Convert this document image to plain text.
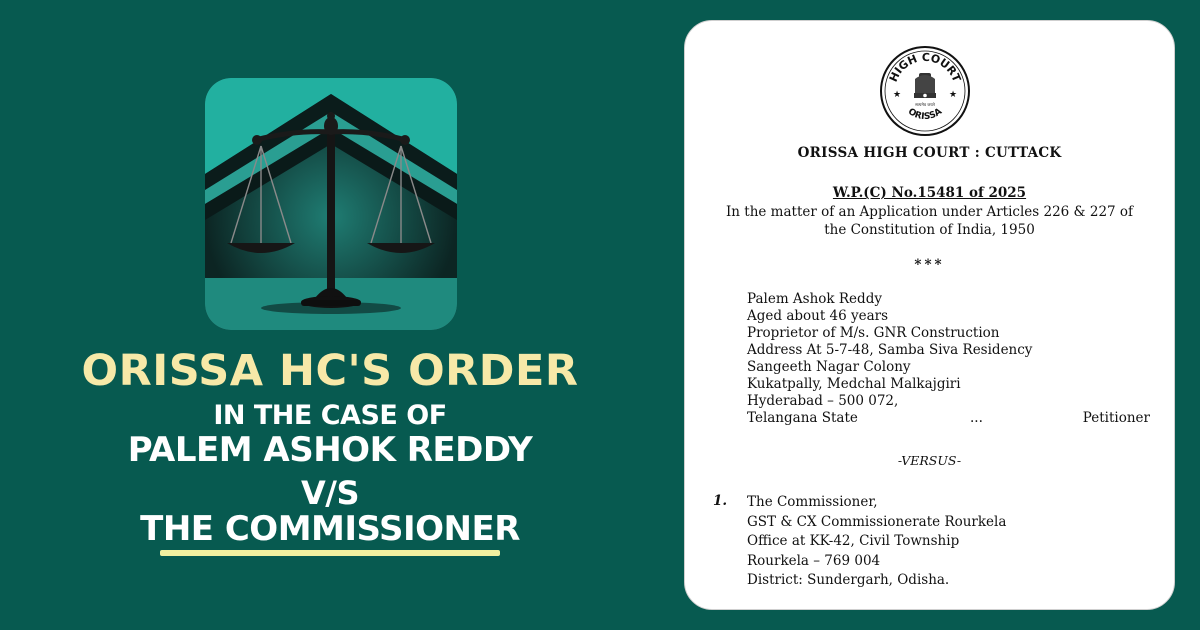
ORISSA HC'S ORDER
IN THE CASE OF
PALEM ASHOK REDDY
V/S
THE COMMISSIONER
HIGH COURT
ORISSA
★	★
सत्यमेव जयते
ORISSA HIGH COURT : CUTTACK
W.P.(C) No.15481 of 2025
In the matter of an Application under Articles 226 & 227 of
the Constitution of India, 1950
***
Palem Ashok Reddy
Aged about 46 years
Proprietor of M/s. GNR Construction
Address At 5-7-48, Samba Siva Residency
Sangeeth Nagar Colony
Kukatpally, Medchal Malkajgiri
Hyderabad – 500 072,
Telangana State	...	Petitioner
-VERSUS-
1. The Commissioner,
GST & CX Commissionerate Rourkela
Office at KK-42, Civil Township
Rourkela – 769 004
District: Sundergarh, Odisha.
